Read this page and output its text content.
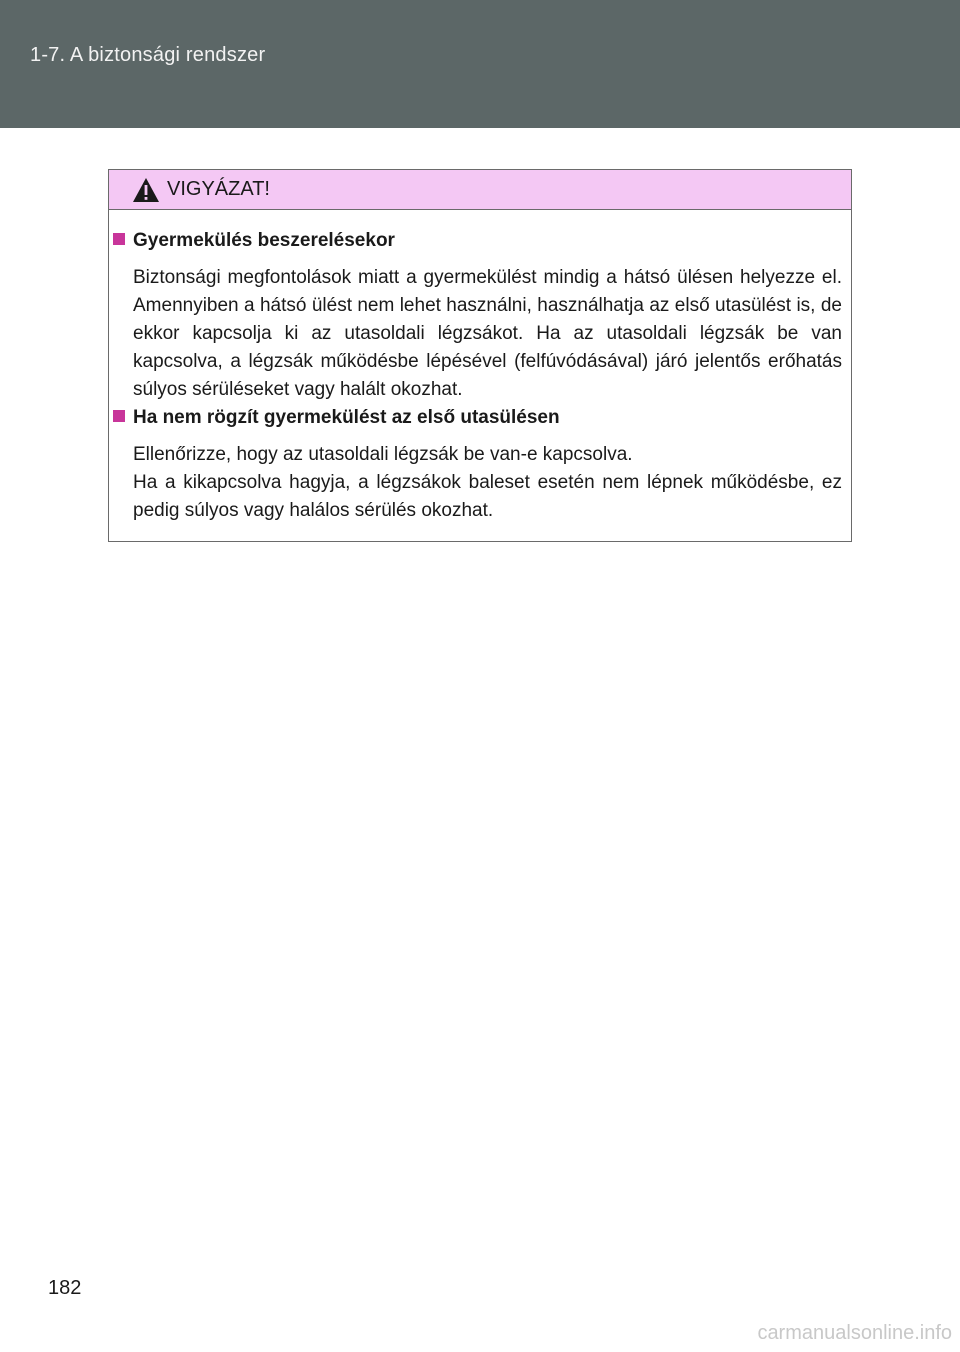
1-7. A biztonsági rendszer
VIGYÁZAT!
Gyermekülés beszerelésekor

Biztonsági megfontolások miatt a gyermekülést mindig a hátsó ülésen helyezze el. Amennyiben a hátsó ülést nem lehet használni, használhatja az első utasülést is, de ekkor kapcsolja ki az utasoldali légzsákot. Ha az utasoldali légzsák be van kapcsolva, a légzsák működésbe lépésével (felfúvódásával) járó jelentős erőhatás súlyos sérüléseket vagy halált okozhat.

Ha nem rögzít gyermekülést az első utasülésen

Ellenőrizze, hogy az utasoldali légzsák be van-e kapcsolva.

Ha a kikapcsolva hagyja, a légzsákok baleset esetén nem lépnek működésbe, ez pedig súlyos vagy halálos sérülés okozhat.

182
carmanualsonline.info
